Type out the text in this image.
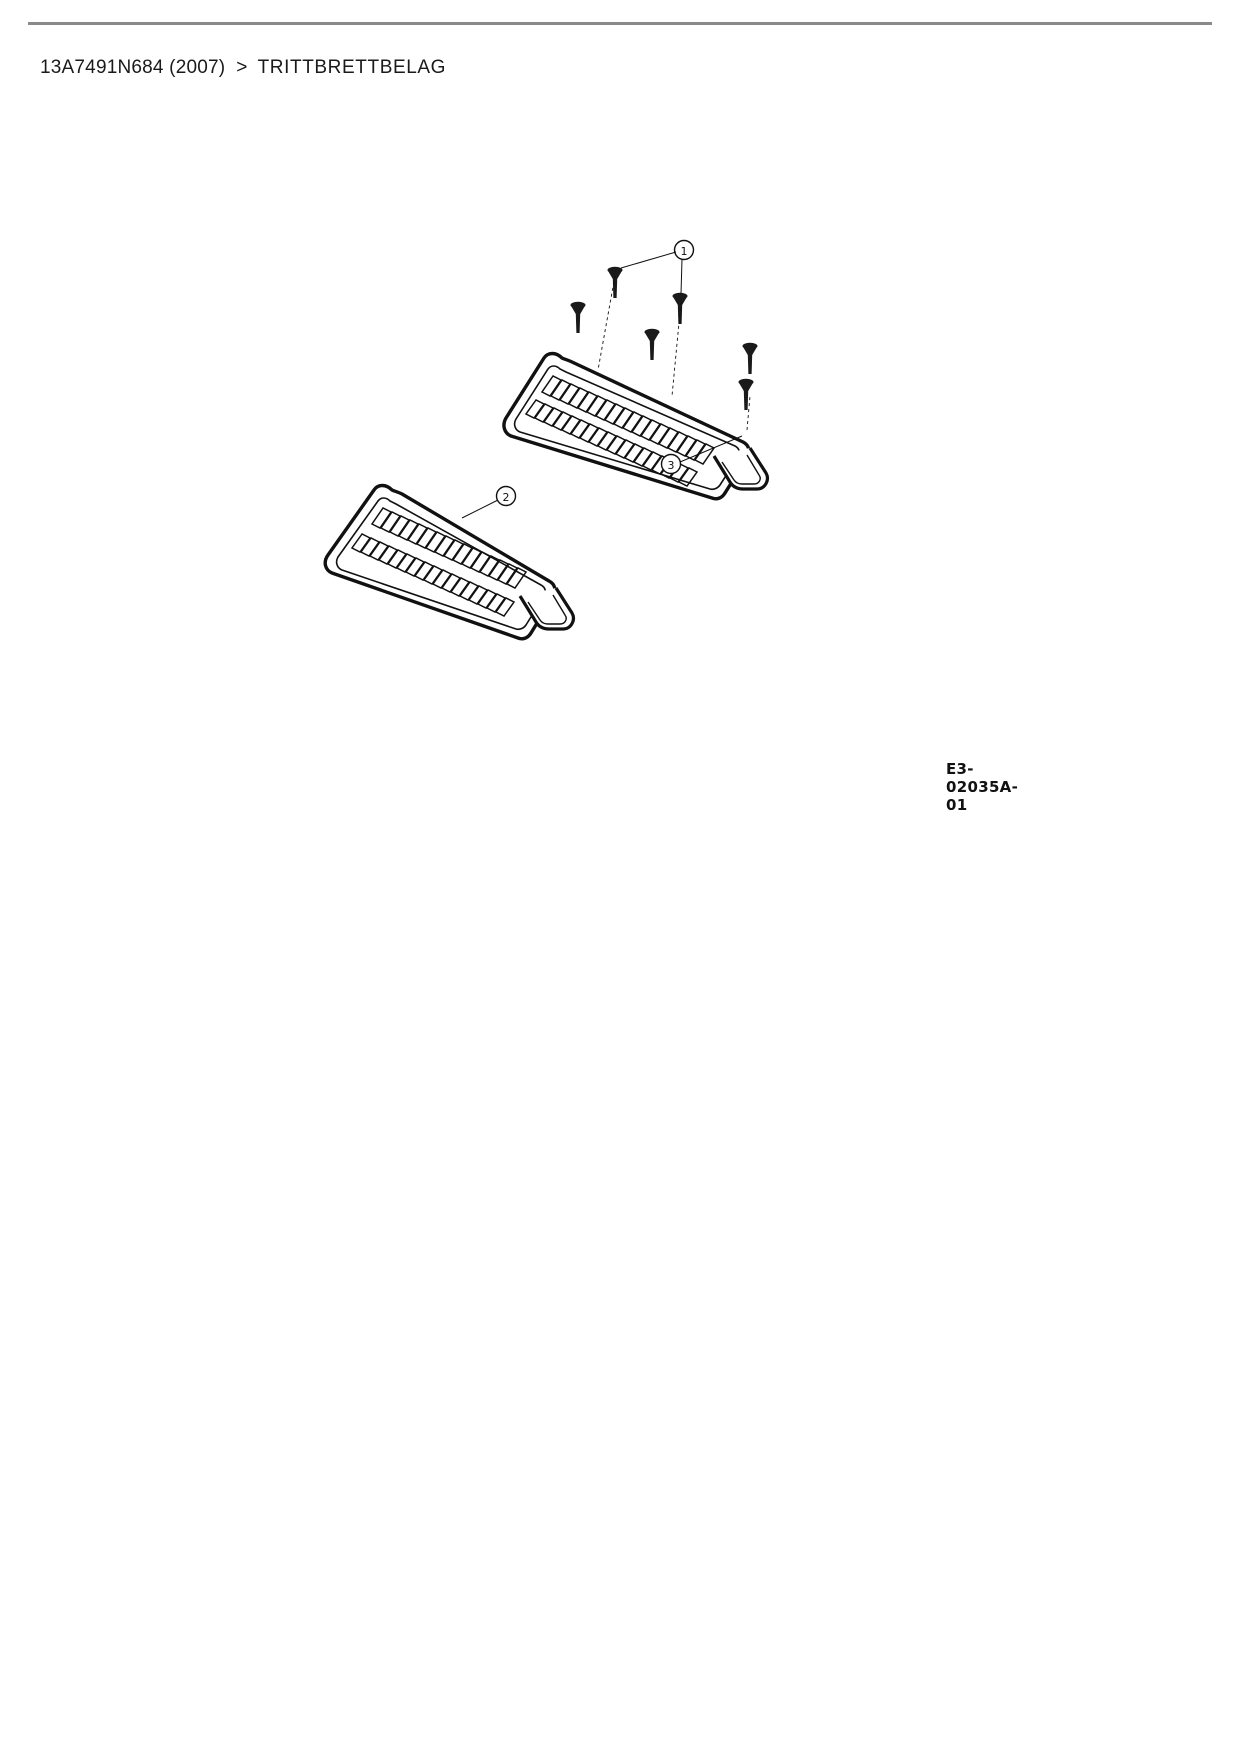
13A7491N684 (2007) > TRITTBRETTBELAG
1
3
2
E3-02035A-01
